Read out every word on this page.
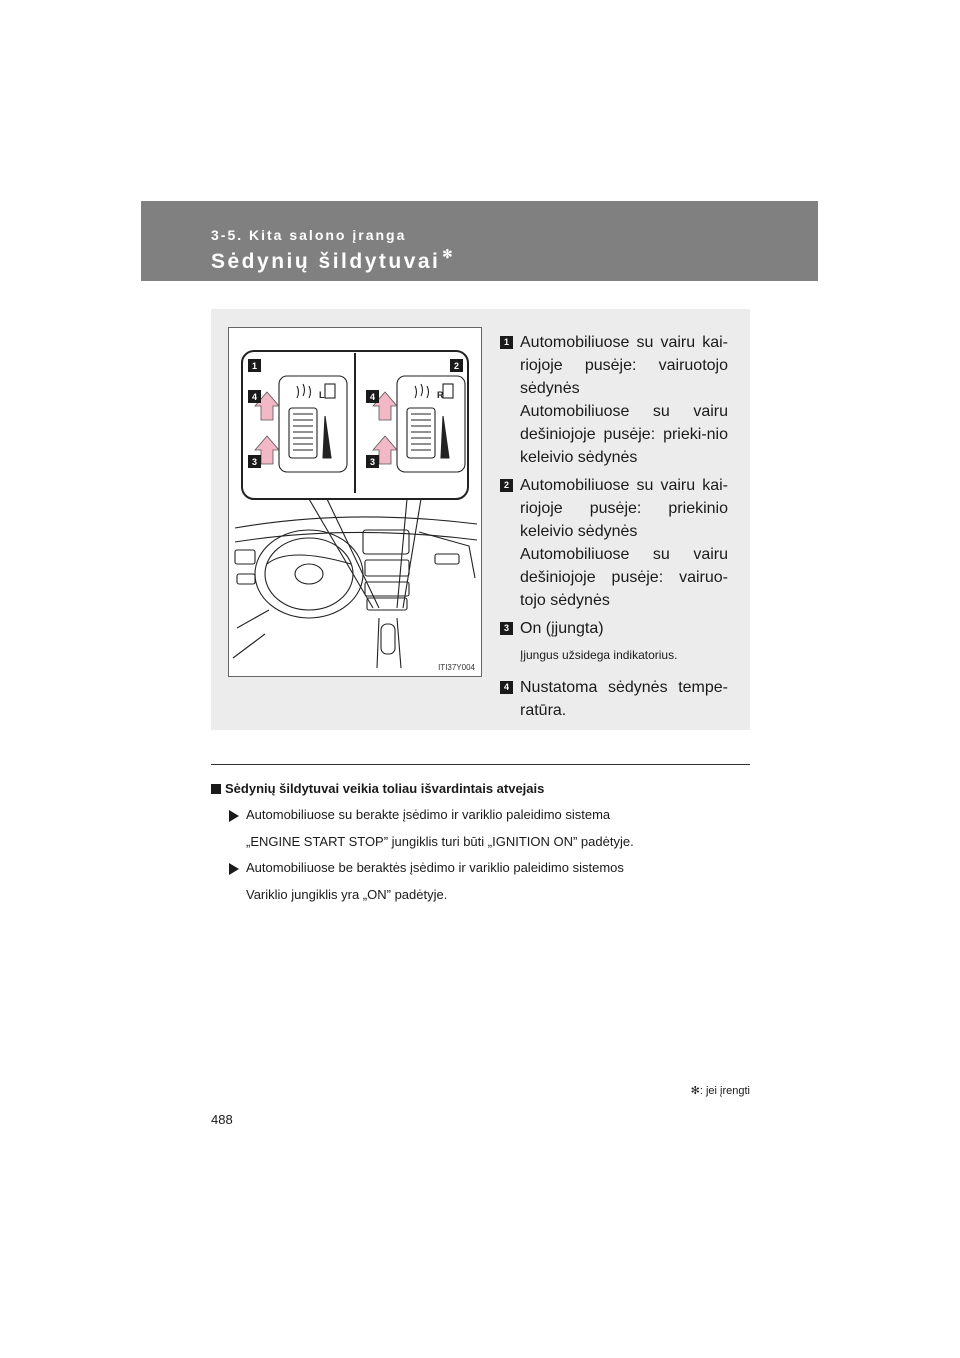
3-5. Kita salono įranga
Sėdynių šildytuvai ✻
1	2
3
4
3
4
L	R
ITI37Y004
1 Automobiliuose su vairu kai-riojoje pusėje: vairuotojo sėdynės
Automobiliuose su vairu dešiniojoje pusėje: prieki-nio keleivio sėdynės
2 Automobiliuose su vairu kai-riojoje pusėje: priekinio keleivio sėdynės
Automobiliuose su vairu dešiniojoje pusėje: vairuo-tojo sėdynės
3 On (įjungta)
Įjungus užsidega indikatorius.
4 Nustatoma sėdynės tempe-ratūra.
Sėdynių šildytuvai veikia toliau išvardintais atvejais
Automobiliuose su berakte įsėdimo ir variklio paleidimo sistema
„ENGINE START STOP” jungiklis turi būti „IGNITION ON” padėtyje.
Automobiliuose be beraktės įsėdimo ir variklio paleidimo sistemos
Variklio jungiklis yra „ON” padėtyje.
✻: jei įrengti
488
